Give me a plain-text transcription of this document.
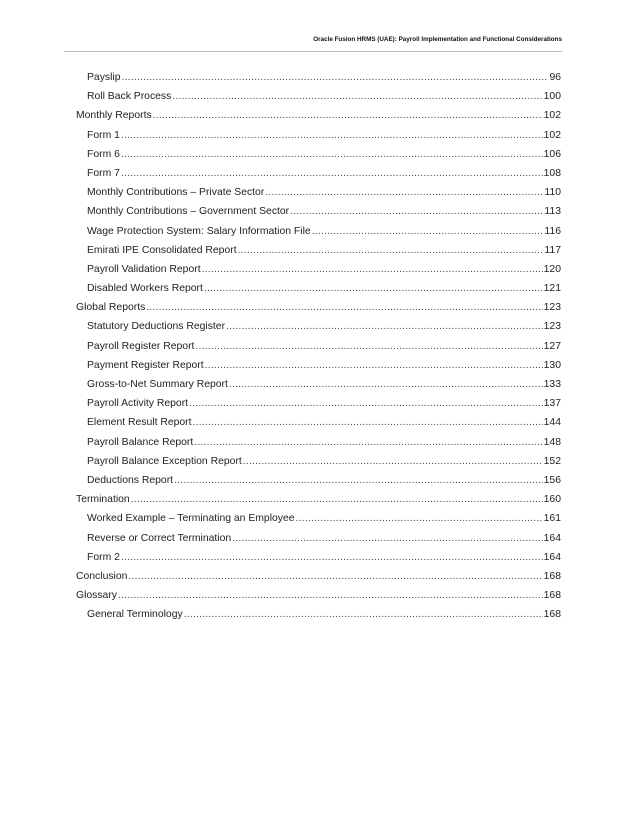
Oracle Fusion HRMS (UAE): Payroll Implementation and Functional Considerations
Payslip .....	96
Roll Back Process .....	100
Monthly Reports .....	102
Form 1 .....	102
Form 6 .....	106
Form 7 .....	108
Monthly Contributions – Private Sector .....	110
Monthly Contributions – Government Sector .....	113
Wage Protection System: Salary Information File .....	116
Emirati IPE Consolidated Report .....	117
Payroll Validation Report .....	120
Disabled Workers Report .....	121
Global Reports .....	123
Statutory Deductions Register .....	123
Payroll Register Report .....	127
Payment Register Report .....	130
Gross-to-Net Summary Report .....	133
Payroll Activity Report .....	137
Element Result Report .....	144
Payroll Balance Report .....	148
Payroll Balance Exception Report .....	152
Deductions Report .....	156
Termination .....	160
Worked Example – Terminating an Employee .....	161
Reverse or Correct Termination .....	164
Form 2 .....	164
Conclusion .....	168
Glossary .....	168
General Terminology .....	168
